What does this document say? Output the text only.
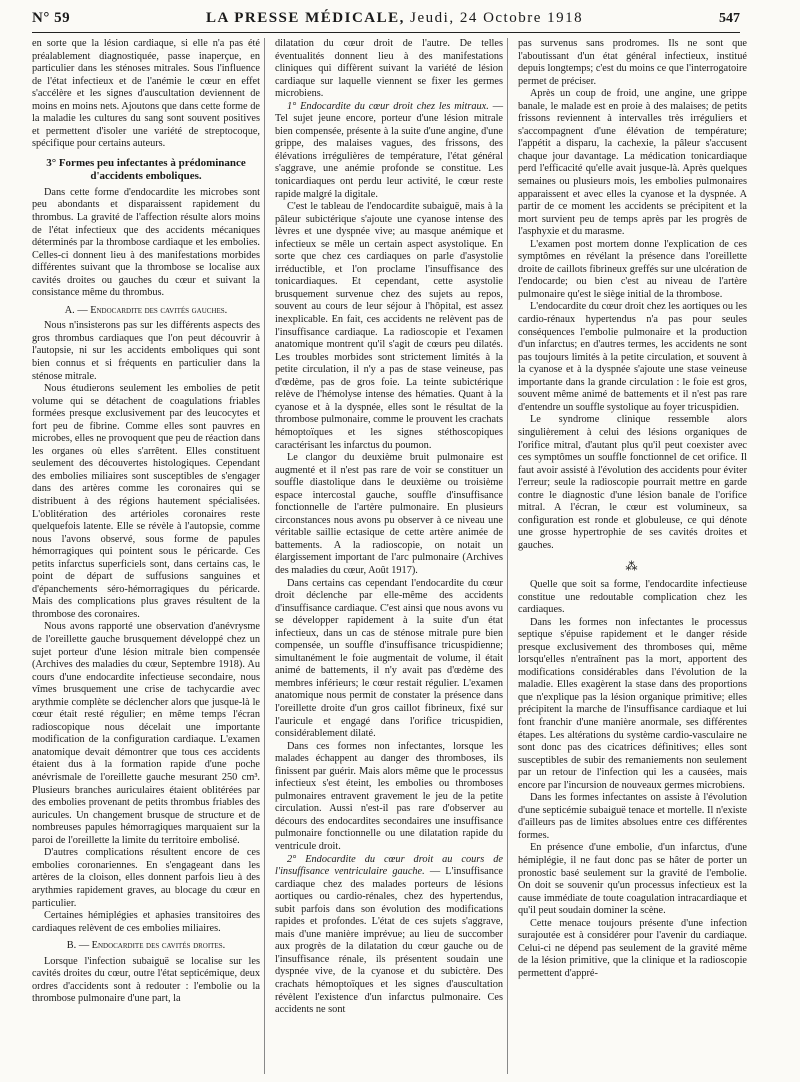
N° 59	LA PRESSE MÉDICALE, Jeudi, 24 Octobre 1918	547

en sorte que la lésion cardiaque, si elle n'a pas été préalablement diagnostiquée, passe inaperçue, en particulier dans les sténoses mitrales. Sous l'influence de l'état infectieux et de l'anémie le cœur en effet s'accélère et les signes d'auscultation deviennent de moins en moins nets. Ajoutons que dans cette forme de la maladie les cultures du sang sont souvent positives et permettent d'isoler une variété de streptocoque, spécifique pour certains auteurs.

3° Formes peu infectantes à prédominance d'accidents emboliques.

Dans cette forme d'endocardite les microbes sont peu abondants et disparaissent rapidement du thrombus. La gravité de l'affection résulte alors moins de l'état infectieux que des accidents mécaniques déterminés par la thrombose cardiaque et les embolies. Celles-ci donnent lieu à des manifestations morbides différentes suivant que la thrombose se localise aux cavités droites ou gauches du cœur et suivant la consistance même du thrombus.

A. — Endocardite des cavités gauches.

Nous n'insisterons pas sur les différents aspects des gros thrombus cardiaques que l'on peut découvrir à l'autopsie, ni sur les accidents emboliques qui sont bien connus et si fréquents en particulier dans la sténose mitrale.

Nous étudierons seulement les embolies de petit volume qui se détachent de coagulations friables formées presque exclusivement par des leucocytes et fort peu de fibrine. Comme elles sont pauvres en microbes, elles ne provoquent que peu de réaction dans les organes où elles s'arrêtent. Elles constituent seulement des découvertes histologiques. Cependant des embolies miliaires sont susceptibles de s'engager dans des artères comme les coronaires qui se distribuent à des régions hautement spécialisées. L'oblitération des artérioles coronaires reste quelquefois latente. Elle se révèle à l'autopsie, comme nous l'avons observé, sous forme de papules hémorragiques qui pointent sous le péricarde. Ces petits infarctus superficiels sont, dans certains cas, le point de départ de suffusions sanguines et d'épanchements séro-hémorragiques du péricarde. Mais des complications plus graves résultent de la thrombose des coronaires.

Nous avons rapporté une observation d'anévrysme de l'oreillette gauche brusquement développé chez un sujet porteur d'une lésion mitrale bien compensée (Archives des maladies du cœur, Septembre 1918). Au cours d'une endocardite infectieuse secondaire, nous vîmes brusquement une crise de tachycardie avec arythmie complète se déclencher alors que jusque-là le cœur était resté régulier; en même temps l'écran radioscopique nous décelait une importante modification de la configuration cardiaque. L'examen anatomique devait démontrer que tous ces accidents étaient dus à la formation rapide d'une poche anévrismale de l'oreillette gauche mesurant 250 cm³. Plusieurs branches auriculaires étaient oblitérées par des embolies provenant de petits thrombus friables des auricules. Un changement brusque de structure et de nombreuses papules hémorragiques marquaient sur la paroi de l'oreillette la limite du territoire embolisé.

D'autres complications résultent encore de ces embolies coronariennes. En s'engageant dans les artères de la cloison, elles donnent parfois lieu à des arythmies rapidement graves, au blocage du cœur en particulier.

Certaines hémiplégies et aphasies transitoires des cardiaques relèvent de ces embolies miliaires.

B. — Endocardite des cavités droites.

Lorsque l'infection subaiguë se localise sur les cavités droites du cœur, outre l'état septicémique, deux ordres d'accidents sont à redouter : l'embolie ou la thrombose pulmonaire d'une part, la

dilatation du cœur droit de l'autre. De telles éventualités donnent lieu à des manifestations cliniques qui diffèrent suivant la variété de lésion cardiaque sur laquelle viennent se fixer les germes microbiens.

1° Endocardite du cœur droit chez les mitraux. — Tel sujet jeune encore, porteur d'une lésion mitrale bien compensée, présente à la suite d'une angine, d'une grippe, des malaises vagues, des frissons, des élévations irrégulières de température, l'état général s'aggrave, une anémie profonde se constitue. Les tonicardiaques ont perdu leur activité, le cœur reste rapide malgré la digitale.

C'est le tableau de l'endocardite subaiguë, mais à la pâleur subictérique s'ajoute une cyanose intense des lèvres et une dyspnée vive; au masque anémique et infectieux se mêle un certain aspect asystolique. En sorte que chez ces cardiaques on parle d'asystolie irréductible, et l'on proclame l'insuffisance des tonicardiaques. Et cependant, cette asystolie brusquement survenue chez des sujets au repos, souvent au cours de leur séjour à l'hôpital, est assez inexplicable. En fait, ces accidents ne relèvent pas de l'insuffisance cardiaque. La radioscopie et l'examen anatomique montrent qu'il s'agit de cœurs peu dilatés. Les troubles morbides sont strictement limités à la petite circulation, il n'y a pas de stase veineuse, pas d'œdème, pas de gros foie. La teinte subictérique relève de l'hémolyse intense des hématies. Quant à la cyanose et à la dyspnée, elles sont le résultat de la thrombose pulmonaire, comme le prouvent les crachats hémoptoïques et les signes stéthoscopiques caractérisant les infarctus du poumon.

Le clangor du deuxième bruit pulmonaire est augmenté et il n'est pas rare de voir se constituer un souffle diastolique dans le deuxième ou troisième espace intercostal gauche, souffle d'insuffisance fonctionnelle de l'artère pulmonaire. En plusieurs circonstances nous avons pu observer à ce niveau une véritable saillie ectasique de cette artère animée de battements. A la radioscopie, on notait un élargissement important de l'arc pulmonaire (Archives des maladies du cœur, Août 1917).

Dans certains cas cependant l'endocardite du cœur droit déclenche par elle-même des accidents d'insuffisance cardiaque. C'est ainsi que nous avons vu se développer rapidement à la suite d'un état infectieux, dans un cas de sténose mitrale pure bien compensée, un souffle d'insuffisance tricuspidienne; simultanément le foie augmentait de volume, il était animé de battements, il n'y avait pas d'œdème des membres inférieurs; le cœur restait régulier. L'examen anatomique nous permit de constater la présence dans l'oreillette droite d'un gros caillot fibrineux, fixé sur l'auricule et engagé dans l'orifice tricuspidien, considérablement dilaté.

Dans ces formes non infectantes, lorsque les malades échappent au danger des thromboses, ils finissent par guérir. Mais alors même que le processus infectieux s'est éteint, les embolies ou thromboses pulmonaires entravent gravement le jeu de la petite circulation. Aussi n'est-il pas rare d'observer au décours des endocardites secondaires une insuffisance pulmonaire fonctionnelle ou une dilatation rapide du ventricule droit.

2° Endocardite du cœur droit au cours de l'insuffisance ventriculaire gauche. — L'insuffisance cardiaque chez des malades porteurs de lésions aortiques ou cardio-rénales, chez des hypertendus, subit parfois dans son évolution des modifications rapides et profondes. L'état de ces sujets s'aggrave, mais d'une manière imprévue; au lieu de succomber aux progrès de la dilatation du cœur gauche ou de l'insuffisance rénale, ils présentent soudain une dyspnée vive, de la cyanose et du subictère. Des crachats hémoptoïques et les signes d'auscultation révèlent l'existence d'un infarctus pulmonaire. Ces accidents ne sont

pas survenus sans prodromes. Ils ne sont que l'aboutissant d'un état général infectieux, institué depuis longtemps; c'est du moins ce que l'interrogatoire permet de préciser.

Après un coup de froid, une angine, une grippe banale, le malade est en proie à des malaises; de petits frissons reviennent à intervalles très irréguliers et s'accompagnent d'une élévation de température; l'appétit a disparu, la cachexie, la pâleur s'accusent chaque jour davantage. La médication tonicardiaque perd l'efficacité qu'elle avait jusque-là. Après quelques semaines ou plusieurs mois, les embolies pulmonaires apparaissent et avec elles la cyanose et la dyspnée. A partir de ce moment les accidents se précipitent et la mort survient peu de temps après par les progrès de l'asphyxie et du marasme.

L'examen post mortem donne l'explication de ces symptômes en révélant la présence dans l'oreillette droite de caillots fibrineux greffés sur une ulcération de l'endocarde; ou bien c'est au niveau de l'artère pulmonaire qu'est le siège initial de la thrombose.

L'endocardite du cœur droit chez les aortiques ou les cardio-rénaux hypertendus n'a pas pour seules conséquences l'embolie pulmonaire et la production d'un infarctus; en d'autres termes, les accidents ne sont pas toujours limités à la petite circulation, et souvent à la cyanose et à la dyspnée s'ajoute une stase veineuse importante dans la grande circulation : le foie est gros, souvent même animé de battements et il n'est pas rare d'entendre un souffle systolique au foyer tricuspidien.

Le syndrome clinique ressemble alors singulièrement à celui des lésions organiques de l'orifice mitral, d'autant plus qu'il peut coexister avec ces symptômes un souffle fonctionnel de cet orifice. Il faut avoir assisté à l'évolution des accidents pour éviter l'erreur; seule la radioscopie pourrait mettre en garde contre le diagnostic d'une lésion banale de l'orifice mitral. A l'écran, le cœur est volumineux, sa configuration est ronde et globuleuse, ce qui dénote une grosse hypertrophie de ses cavités droites et gauches.

⁂

Quelle que soit sa forme, l'endocardite infectieuse constitue une redoutable complication chez les cardiaques.

Dans les formes non infectantes le processus septique s'épuise rapidement et le danger réside presque exclusivement des thromboses qui, même lorsqu'elles n'entraînent pas la mort, apportent des modifications considérables dans l'évolution de la maladie. Elles exagèrent la stase dans des proportions que n'explique pas la lésion organique primitive; elles précipitent la marche de l'insuffisance cardiaque et lui font franchir d'une manière anormale, ses différentes étapes. Les altérations du système cardio-vasculaire ne sont donc pas des cicatrices définitives; elles sont susceptibles de subir des remaniements non seulement par un retour de l'infection qui les a causées, mais encore par l'incursion de nouveaux germes microbiens.

Dans les formes infectantes on assiste à l'évolution d'une septicémie subaiguë tenace et mortelle. Il n'existe d'ailleurs pas de limites absolues entre ces différentes formes.

En présence d'une embolie, d'un infarctus, d'une hémiplégie, il ne faut donc pas se hâter de porter un pronostic basé seulement sur la gravité de l'embolie. On doit se souvenir qu'un processus infectieux est la cause immédiate de toute coagulation intracardiaque et qu'il peut soudain dominer la scène.

Cette menace toujours présente d'une infection surajoutée est à considérer pour l'avenir du cardiaque. Celui-ci ne dépend pas seulement de la gravité même de la lésion primitive, que la clinique et la radioscopie permettent d'appré-
